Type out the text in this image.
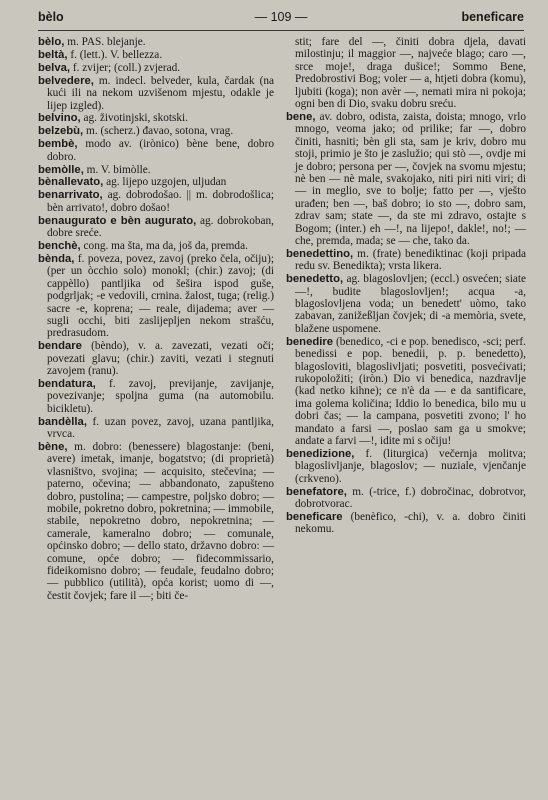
bèlo	— 109 —	beneficare
bèlo, m. PAS. blejanje.
beltà, f. (lett.). V. bellezza.
belva, f. zvijer; (coll.) zvjerad.
belvedere, m. indecl. belveder, kula, čardak (na kući ili na nekom uzvišenom mjestu, odakle je lijep izgled).
belvino, ag. životinjski, skotski.
belzebù, m. (scherz.) đavao, sotona, vrag.
bembè, modo av. (irònico) bène bene, dobro dobro.
bemòlle, m. V. bimòlle.
bènallevato, ag. lijepo uzgojen, uljudan
benarrivato, ag. dobrodošao. || m. dobrodošlica; bèn arrivato!, dobro došao!
benaugurato e bèn augurato, ag. dobrokoban, dobre sreće.
benchè, cong. ma šta, ma da, još da, premda.
bènda, f. poveza, povez, zavoj (preko čela, očiju); (per un òcchio solo) monokl; (chir.) zavoj; (di cappèllo) pantljika od šešira ispod guše, podgrljak; -e vedovili, crnina. žalost, tuga; (relig.) sacre -e, koprena; — reale, dijadema; aver — sugli occhi, biti zaslijepljen nekom strašću, predrasudom.
bendare (bèndo), v. a. zavezati, vezati oči; povezati glavu; (chir.) zaviti, vezati i stegnuti zavojem (ranu).
bendatura, f. zavoj, previjanje, zavijanje, povezivanje; spoljna guma (na automobilu. bicikletu).
bandèlla, f. uzan povez, zavoj, uzana pantljika, vrvca.
bène, m. dobro: (benessere) blagostanje: (beni, avere) imetak, imanje, bogatstvo; (di proprietà) vlasništvo, svojina; — acquisito, stečevina; — paterno, očevina; — abbandonato, zapušteno dobro, pustolina; — campestre, poljsko dobro; — mobile, pokretno dobro, pokretnina; — immobile, stabile, nepokretno dobro, nepokretnina; — camerale, kameralno dobro; — comunale, općinsko dobro; — dello stato, državno dobro: — comune, opće dobro; — fidecommissario, fideikomisno dobro; — feudale, feudalno dobro; — pubblico (utilità), opća korist; uomo di —, čestit čovjek; fare il —; biti če-
stit; fare del —, činiti dobra djela, davati milostinju; il maggior —, najveće blago; caro —, srce moje!, draga dušice!; Sommo Bene, Predobrostivi Bog; voler — a, htjeti dobra (komu), ljubiti (koga); non avèr —, nemati mira ni pokoja; ogni ben di Dio, svaku dobru sreću.
bene, av. dobro, odista, zaista, doista; mnogo, vrlo mnogo, veoma jako; od prilike; far —, dobro činiti, hasniti; bèn gli sta, sam je kriv, dobro mu stoji, primio je što je zaslužio; qui stò —, ovdje mi je dobro; persona per —, čovjek na svomu mjestu; nè ben — nè male, svakojako, niti piri niti viri; di — in meglio, sve to bolje; fatto per —, vješto urađen; ben —, baš dobro; io sto —, dobro sam, zdrav sam; state —, da ste mi zdravo, ostajte s Bogom; (inter.) eh —!, na lijepo!, dakle!, no!; — che, premda, mada; se — che, tako da.
benedettino, m. (frate) benediktinac (koji pripada redu sv. Benedikta); vrsta likera.
benedetto, ag. blagoslovljen; (eccl.) osvećen; siate —!, budite blagoslovljen!; acqua -a, blagoslovljena voda; un benedett' uòmo, tako zabavan, zanižeßljan čovjek; di -a memòria, svete, blažene uspomene.
benedire (benedico, -ci e pop. benedisco, -sci; perf. benedissi e pop. benedii, p. p. benedetto), blagosloviti, blagoslivljati; posvetiti, posvećivati; rukopoložiti; (iròn.) Dio vi benedica, nazdravlje (kad netko kihne); ce n'è da — e da santificare, ima golema količina; Iddio lo benedica, bilo mu u dobri čas; — la campana, posvetiti zvono; l' ho mandato a farsi —, poslao sam ga u smokve; andate a farvi —!, idite mi s očiju!
benedizione, f. (liturgica) večernja molitva; blagoslivljanje, blagoslov; — nuziale, vjenčanje (crkveno).
benefatore, m. (-trice, f.) dobročinac, dobrotvor, dobrotvorac.
beneficare (benèfico, -chi), v. a. dobro činiti nekomu.
